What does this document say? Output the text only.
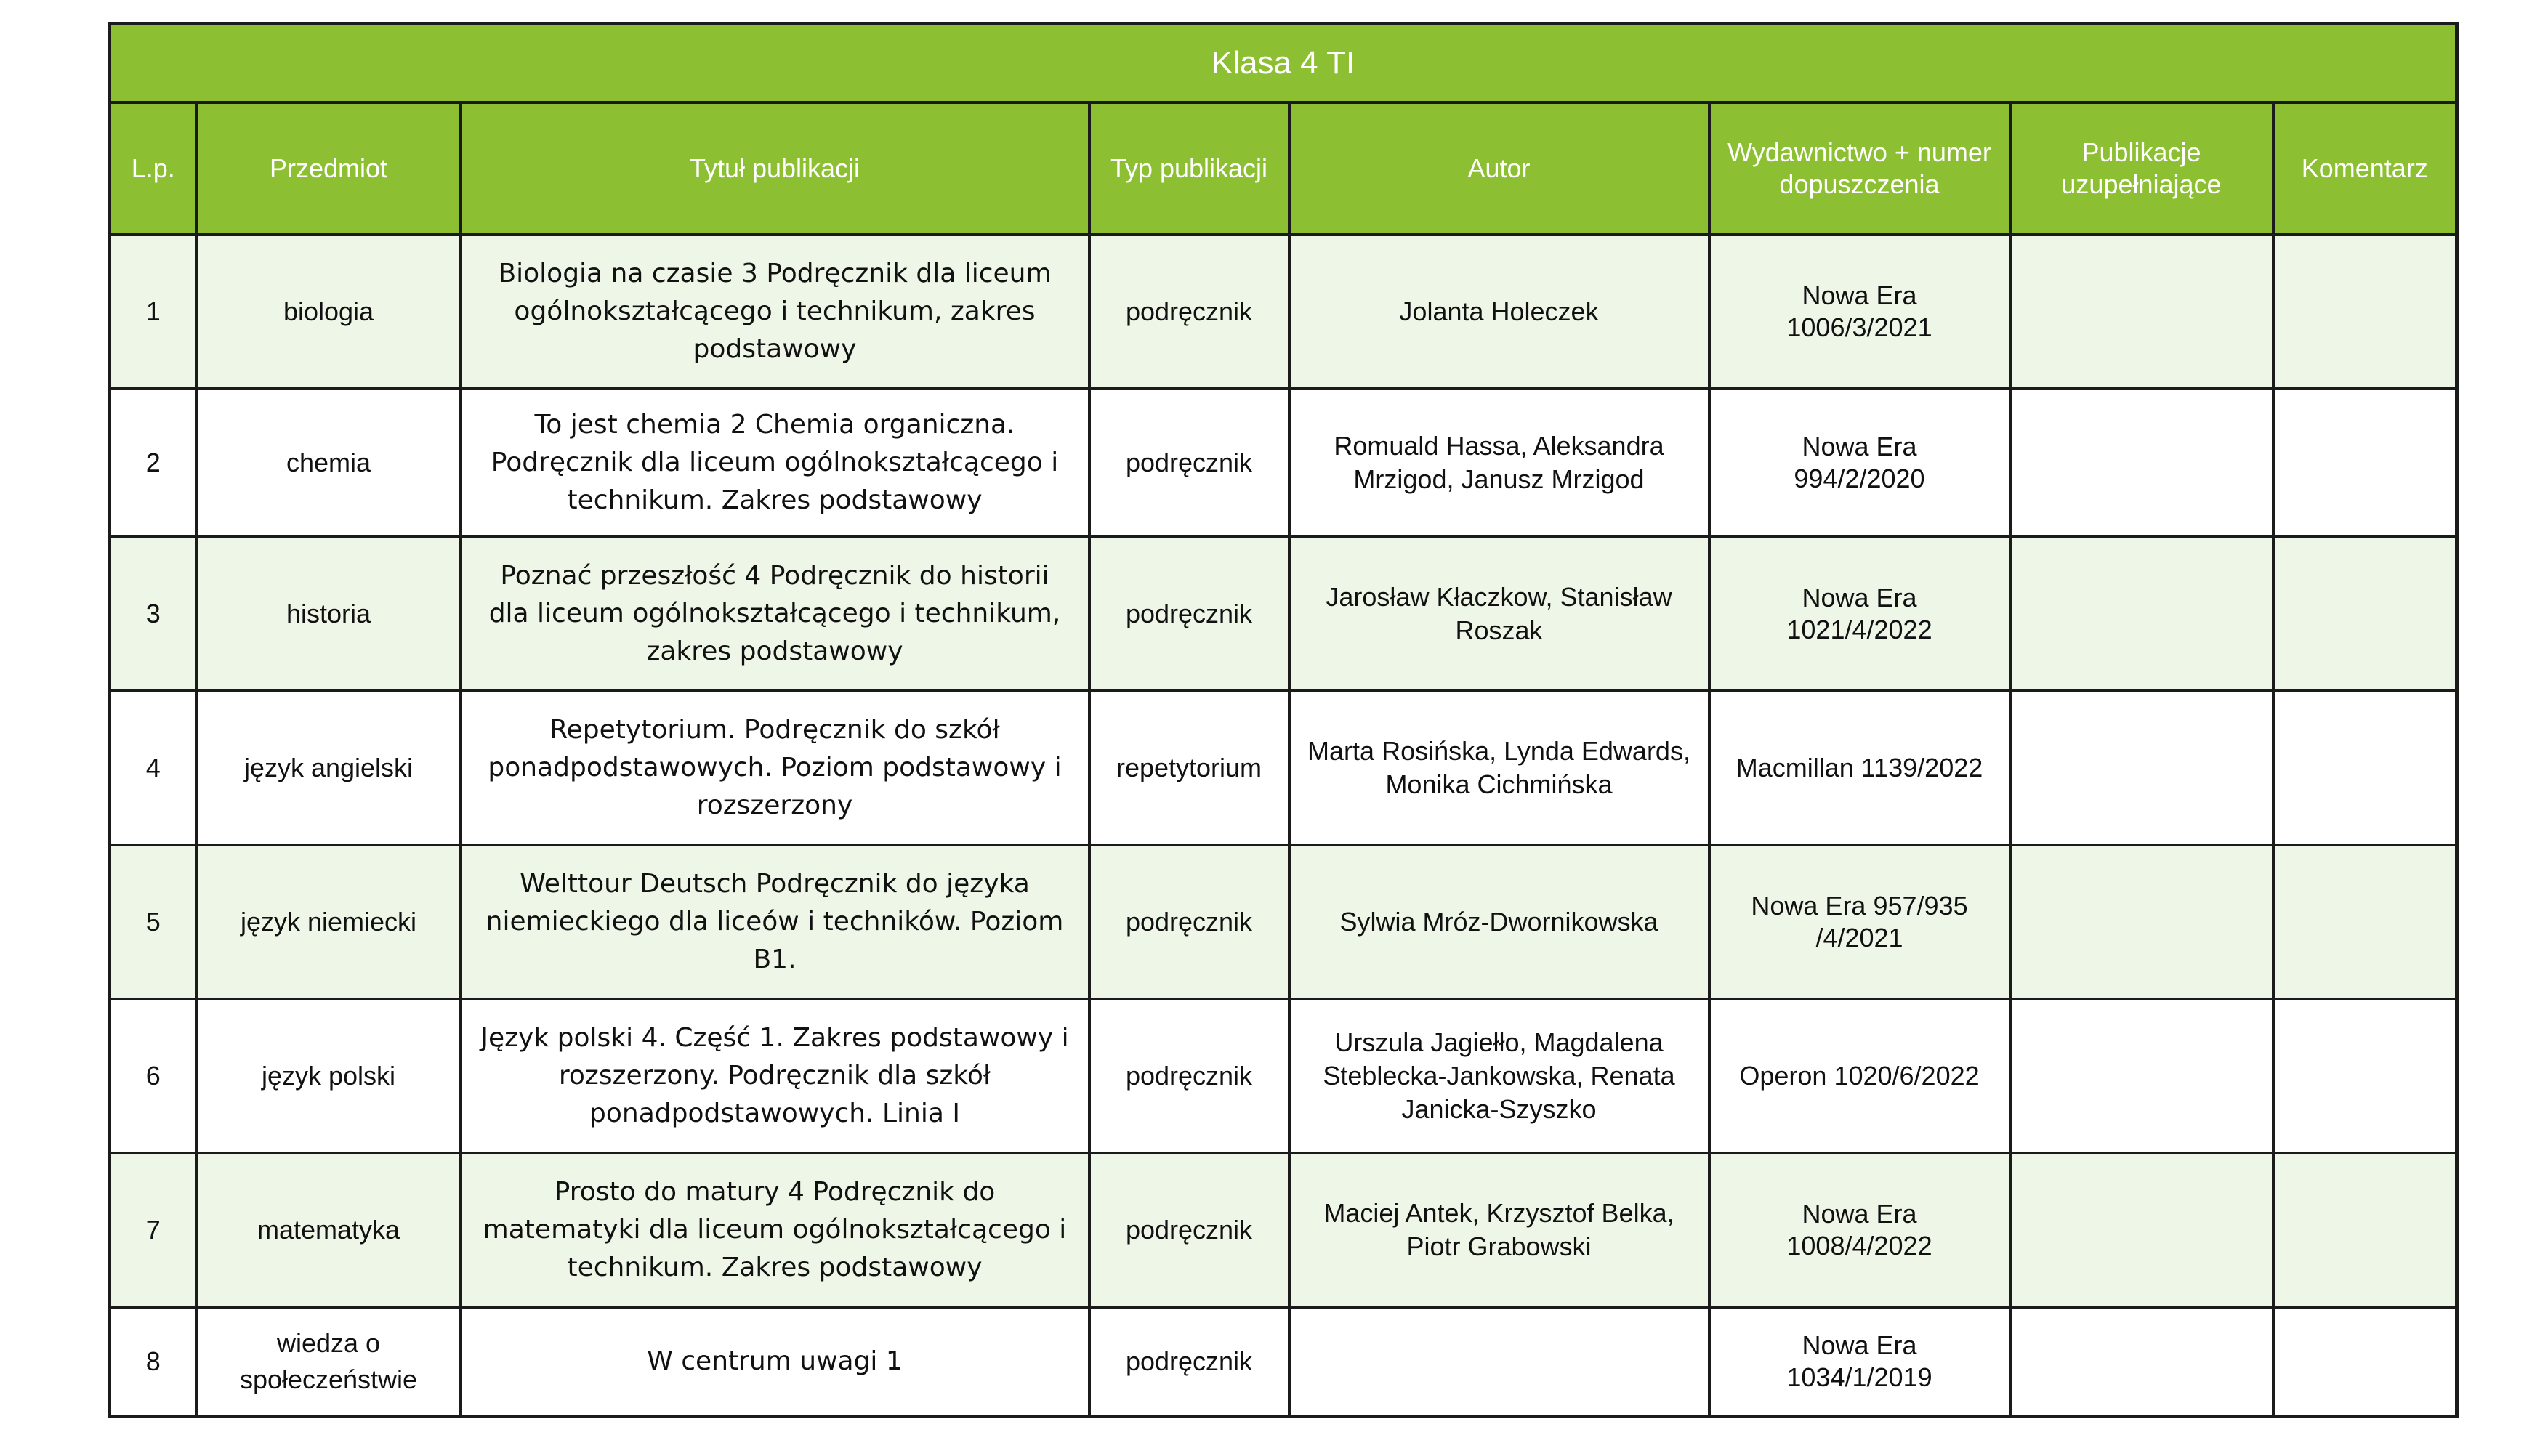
Klasa 4 TI							
L.p.	Przedmiot	Tytuł publikacji	Typ publikacji	Autor	Wydawnictwo + numer dopuszczenia	Publikacje uzupełniające	Komentarz
1	biologia	Biologia na czasie 3 Podręcznik dla liceum ogólnokształcącego i technikum, zakres podstawowy	podręcznik	Jolanta Holeczek	Nowa Era
1006/3/2021		

2	chemia	To jest chemia 2 Chemia organiczna. Podręcznik dla liceum ogólnokształcącego i technikum. Zakres podstawowy	podręcznik	Romuald Hassa, Aleksandra Mrzigod, Janusz Mrzigod	Nowa Era
994/2/2020		

3	historia	Poznać przeszłość 4 Podręcznik do historii dla liceum ogólnokształcącego i technikum, zakres podstawowy	podręcznik	Jarosław Kłaczkow, Stanisław Roszak	Nowa Era
1021/4/2022		

4	język angielski	Repetytorium. Podręcznik do szkół ponadpodstawowych. Poziom podstawowy i rozszerzony	repetytorium	Marta Rosińska, Lynda Edwards, Monika Cichmińska	Macmillan 1139/2022		

5	język niemiecki	Welttour Deutsch Podręcznik do języka niemieckiego dla liceów i techników. Poziom B1.	podręcznik	Sylwia Mróz-Dwornikowska	Nowa Era 957/935
/4/2021		

6	język polski	Język polski 4. Część 1. Zakres podstawowy i rozszerzony. Podręcznik dla szkół ponadpodstawowych. Linia I	podręcznik	Urszula Jagiełło, Magdalena Steblecka-Jankowska, Renata Janicka-Szyszko	Operon 1020/6/2022		

7	matematyka	Prosto do matury 4 Podręcznik do matematyki dla liceum ogólnokształcącego i technikum. Zakres podstawowy	podręcznik	Maciej Antek, Krzysztof Belka, Piotr Grabowski	Nowa Era
1008/4/2022		

8	wiedza o społeczeństwie	W centrum uwagi 1	podręcznik		Nowa Era
1034/1/2019		
